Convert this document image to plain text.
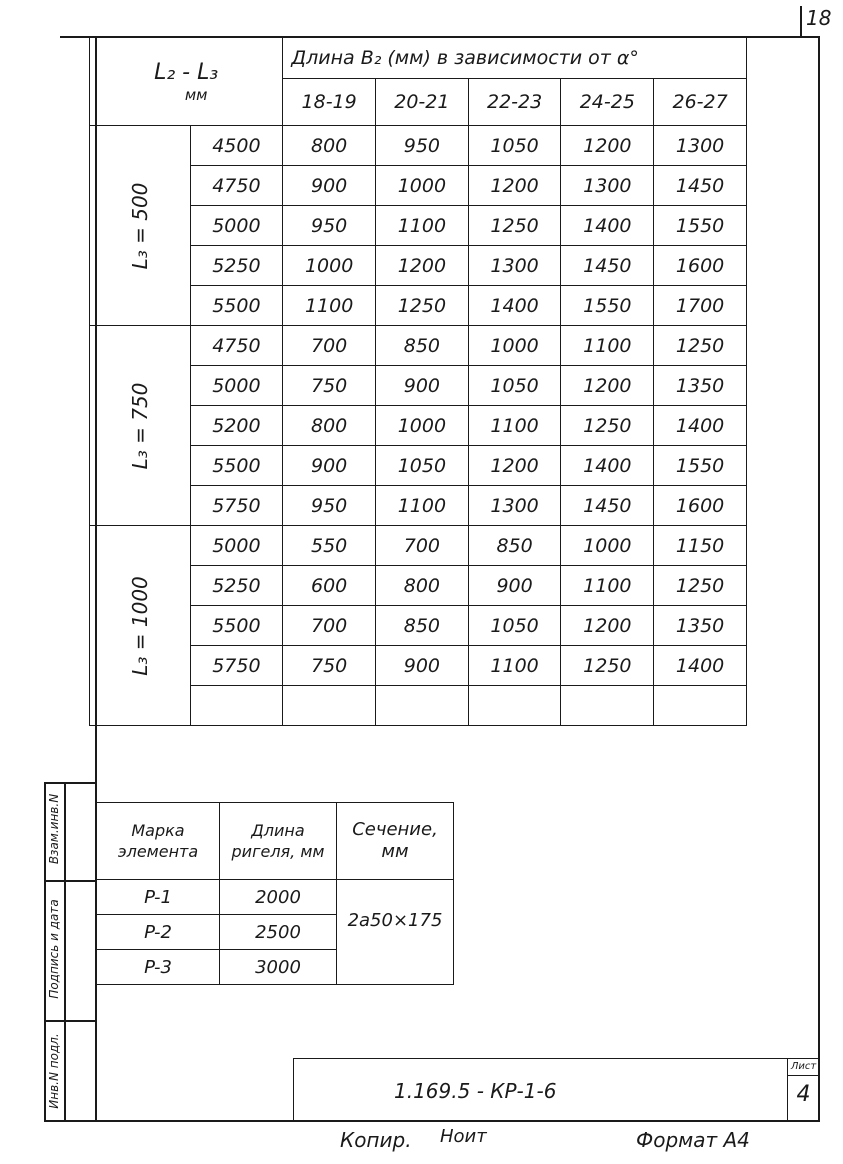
18
Взам.инв.N
Подпись и дата
Инв.N подл.
L₂ - L₃
мм		Длина B₂ (мм) в зависимости от α°				
		18-19	20-21	22-23	24-25	26-27

L₃ = 500	4500	800	950	1050	1200	1300
	4750	900	1000	1200	1300	1450
	5000	950	1100	1250	1400	1550
	5250	1000	1200	1300	1450	1600
	5500	1100	1250	1400	1550	1700

L₃ = 750	4750	700	850	1000	1100	1250
	5000	750	900	1050	1200	1350
	5200	800	1000	1100	1250	1400
	5500	900	1050	1200	1400	1550
	5750	950	1100	1300	1450	1600

L₃ = 1000	5000	550	700	850	1000	1150
	5250	600	800	900	1100	1250
	5500	700	850	1050	1200	1350
	5750	750	900	1100	1250	1400

Марка элемента	Длина ригеля, мм	Сечение, мм
P-1	2000	2a50×175
P-2	2500	
P-3	3000	
1.169.5 - КР-1-6
Лист
4
Копир. Ноит	Формат А4
